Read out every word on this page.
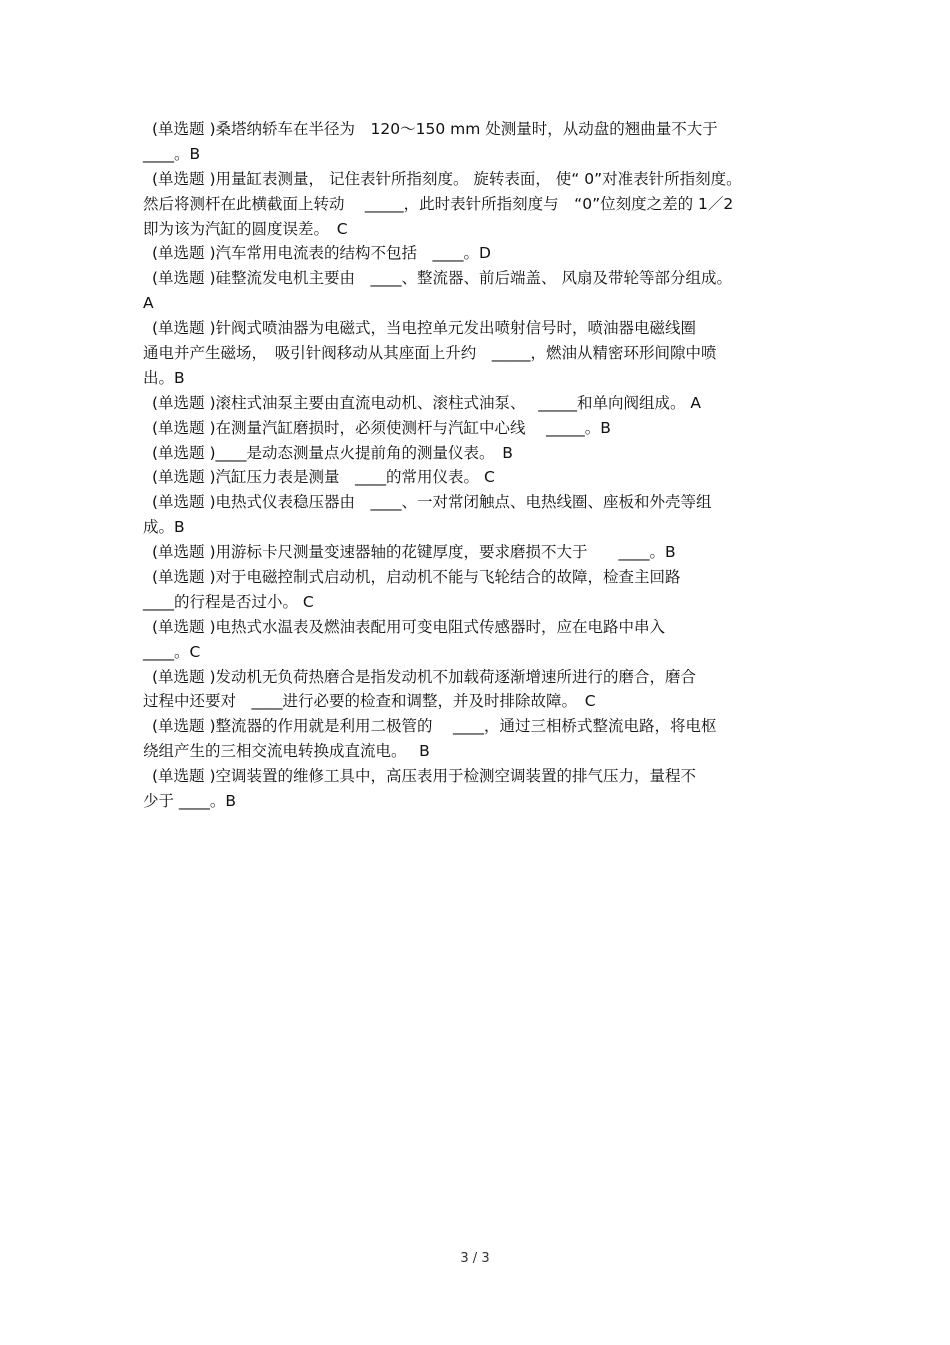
(单选题 )桑塔纳轿车在半径为　120～150 mm 处测量时，从动盘的翘曲量不大于
____。B
(单选题 )用量缸表测量， 记住表针所指刻度。 旋转表面， 使“ 0”对准表针所指刻度。
然后将测杆在此横截面上转动　 _____，此时表针所指刻度与　“0”位刻度之差的 1／2
即为该为汽缸的圆度误差。　C
(单选题 )汽车常用电流表的结构不包括　____。D
(单选题 )硅整流发电机主要由　____、整流器、前后端盖、 风扇及带轮等部分组成。
A
(单选题 )针阀式喷油器为电磁式，当电控单元发出喷射信号时，喷油器电磁线圈
通电并产生磁场，　吸引针阀移动从其座面上升约　_____，燃油从精密环形间隙中喷
出。B
(单选题 )滚柱式油泵主要由直流电动机、滚柱式油泵、　 _____和单向阀组成。 A
(单选题 )在测量汽缸磨损时，必须使测杆与汽缸中心线　 _____。B
(单选题 )____是动态测量点火提前角的测量仪表。　B
(单选题 )汽缸压力表是测量　____的常用仪表。 C
(单选题 )电热式仪表稳压器由　____、一对常闭触点、电热线圈、座板和外壳等组
成。B
(单选题 )用游标卡尺测量变速器轴的花键厚度，要求磨损不大于　　____。B
(单选题 )对于电磁控制式启动机，启动机不能与飞轮结合的故障，检查主回路
____的行程是否过小。 C
(单选题 )电热式水温表及燃油表配用可变电阻式传感器时，应在电路中串入
____。C
(单选题 )发动机无负荷热磨合是指发动机不加载荷逐渐增速所进行的磨合，磨合
过程中还要对　____进行必要的检查和调整，并及时排除故障。　C
(单选题 )整流器的作用就是利用二极管的　 ____，通过三相桥式整流电路，将电枢
绕组产生的三相交流电转换成直流电。　 B
(单选题 )空调装置的维修工具中，高压表用于检测空调装置的排气压力，量程不
少于 ____。B
3 / 3
